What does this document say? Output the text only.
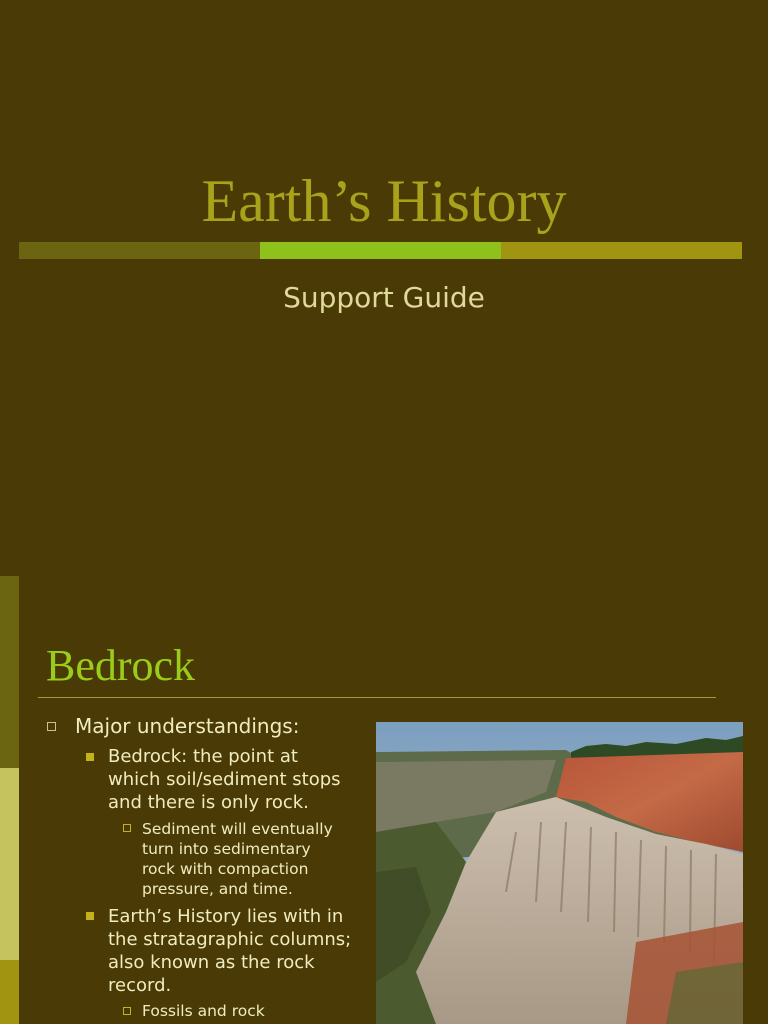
Earth’s History
Support Guide
Bedrock
Major understandings:
Bedrock: the point at
which soil/sediment stops
and there is only rock.
Sediment will eventually
turn into sedimentary
rock with compaction
pressure, and time.
Earth’s History lies with in
the stratagraphic columns;
also known as the rock
record.
Fossils and rock
